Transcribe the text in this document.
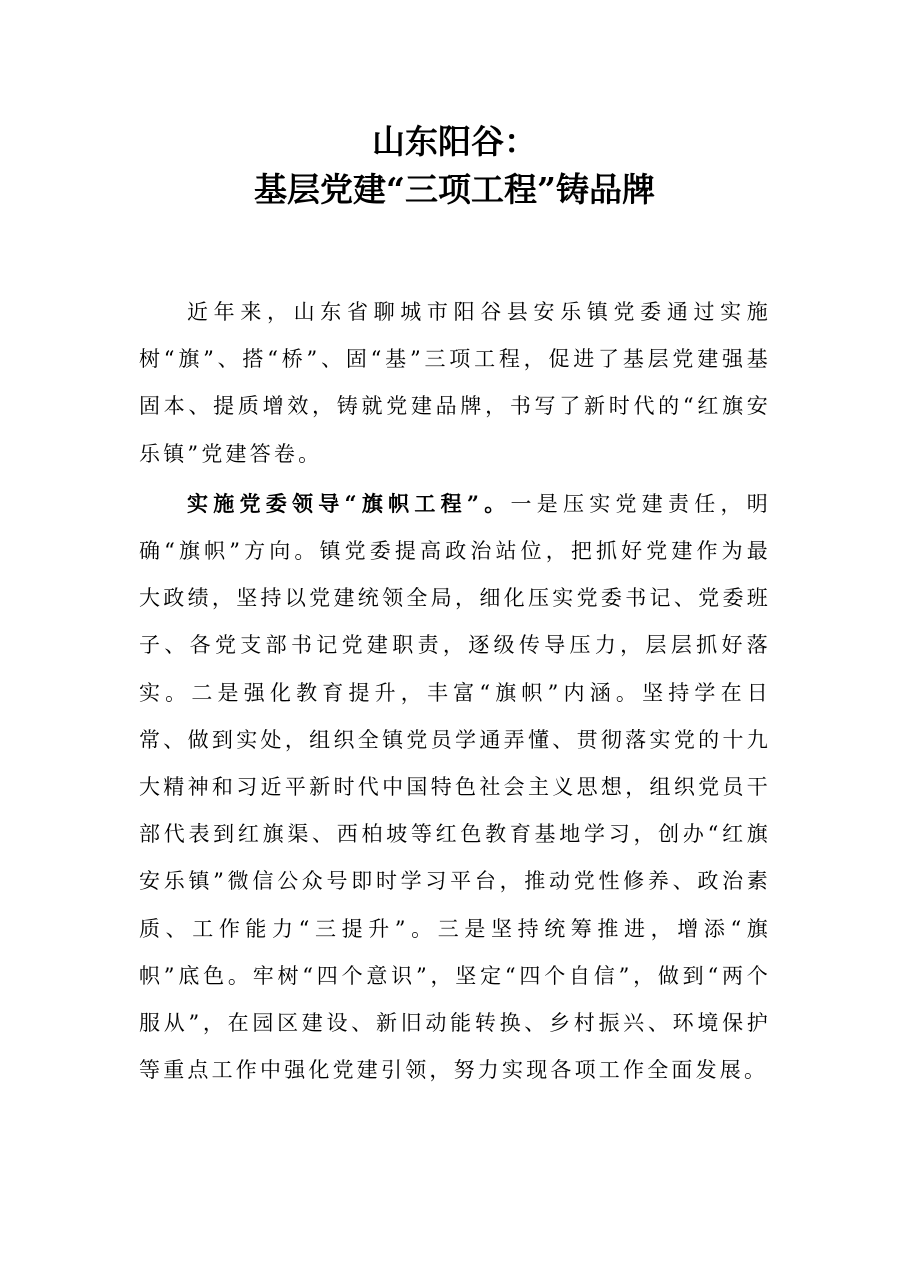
山东阳谷：
基层党建“三项工程”铸品牌

近年来，山东省聊城市阳谷县安乐镇党委通过实施树“旗”、搭“桥”、固“基”三项工程，促进了基层党建强基固本、提质增效，铸就党建品牌，书写了新时代的“红旗安乐镇”党建答卷。

实施党委领导“旗帜工程”。一是压实党建责任，明确“旗帜”方向。镇党委提高政治站位，把抓好党建作为最大政绩，坚持以党建统领全局，细化压实党委书记、党委班子、各党支部书记党建职责，逐级传导压力，层层抓好落实。二是强化教育提升，丰富“旗帜”内涵。坚持学在日常、做到实处，组织全镇党员学通弄懂、贯彻落实党的十九大精神和习近平新时代中国特色社会主义思想，组织党员干部代表到红旗渠、西柏坡等红色教育基地学习，创办“红旗安乐镇”微信公众号即时学习平台，推动党性修养、政治素质、工作能力“三提升”。三是坚持统筹推进，增添“旗帜”底色。牢树“四个意识”，坚定“四个自信”，做到“两个服从”，在园区建设、新旧动能转换、乡村振兴、环境保护等重点工作中强化党建引领，努力实现各项工作全面发展。
